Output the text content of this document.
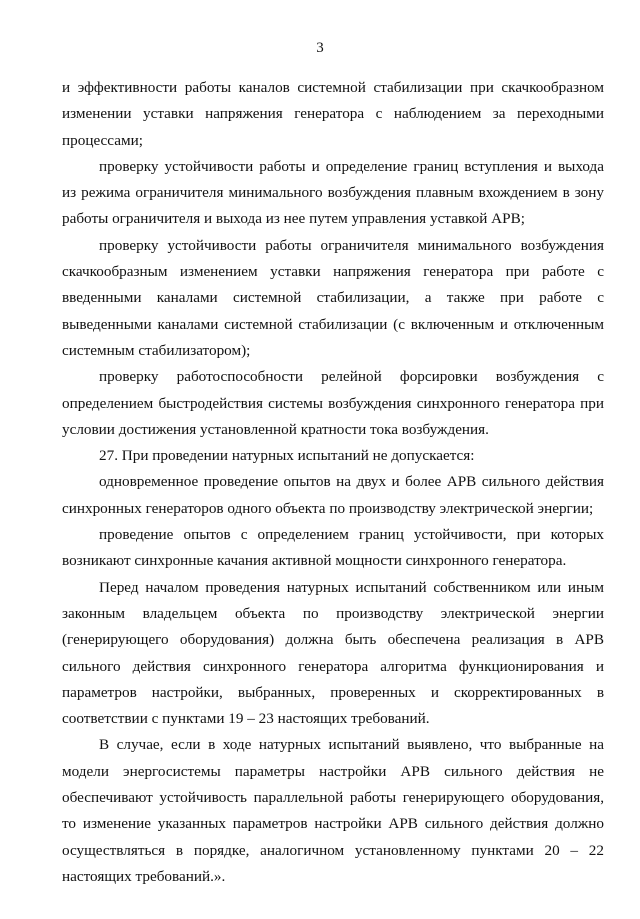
3

и эффективности работы каналов системной стабилизации при скачкообразном изменении уставки напряжения генератора с наблюдением за переходными процессами;

проверку устойчивости работы и определение границ вступления и выхода из режима ограничителя минимального возбуждения плавным вхождением в зону работы ограничителя и выхода из нее путем управления уставкой АРВ;

проверку устойчивости работы ограничителя минимального возбуждения скачкообразным изменением уставки напряжения генератора при работе с введенными каналами системной стабилизации, а также при работе с выведенными каналами системной стабилизации (с включенным и отключенным системным стабилизатором);

проверку работоспособности релейной форсировки возбуждения с определением быстродействия системы возбуждения синхронного генератора при условии достижения установленной кратности тока возбуждения.

27. При проведении натурных испытаний не допускается:

одновременное проведение опытов на двух и более АРВ сильного действия синхронных генераторов одного объекта по производству электрической энергии;

проведение опытов с определением границ устойчивости, при которых возникают синхронные качания активной мощности синхронного генератора.

Перед началом проведения натурных испытаний собственником или иным законным владельцем объекта по производству электрической энергии (генерирующего оборудования) должна быть обеспечена реализация в АРВ сильного действия синхронного генератора алгоритма функционирования и параметров настройки, выбранных, проверенных и скорректированных в соответствии с пунктами 19 – 23 настоящих требований.

В случае, если в ходе натурных испытаний выявлено, что выбранные на модели энергосистемы параметры настройки АРВ сильного действия не обеспечивают устойчивость параллельной работы генерирующего оборудования, то изменение указанных параметров настройки АРВ сильного действия должно осуществляться в порядке, аналогичном установленному пунктами 20 – 22 настоящих требований.».
